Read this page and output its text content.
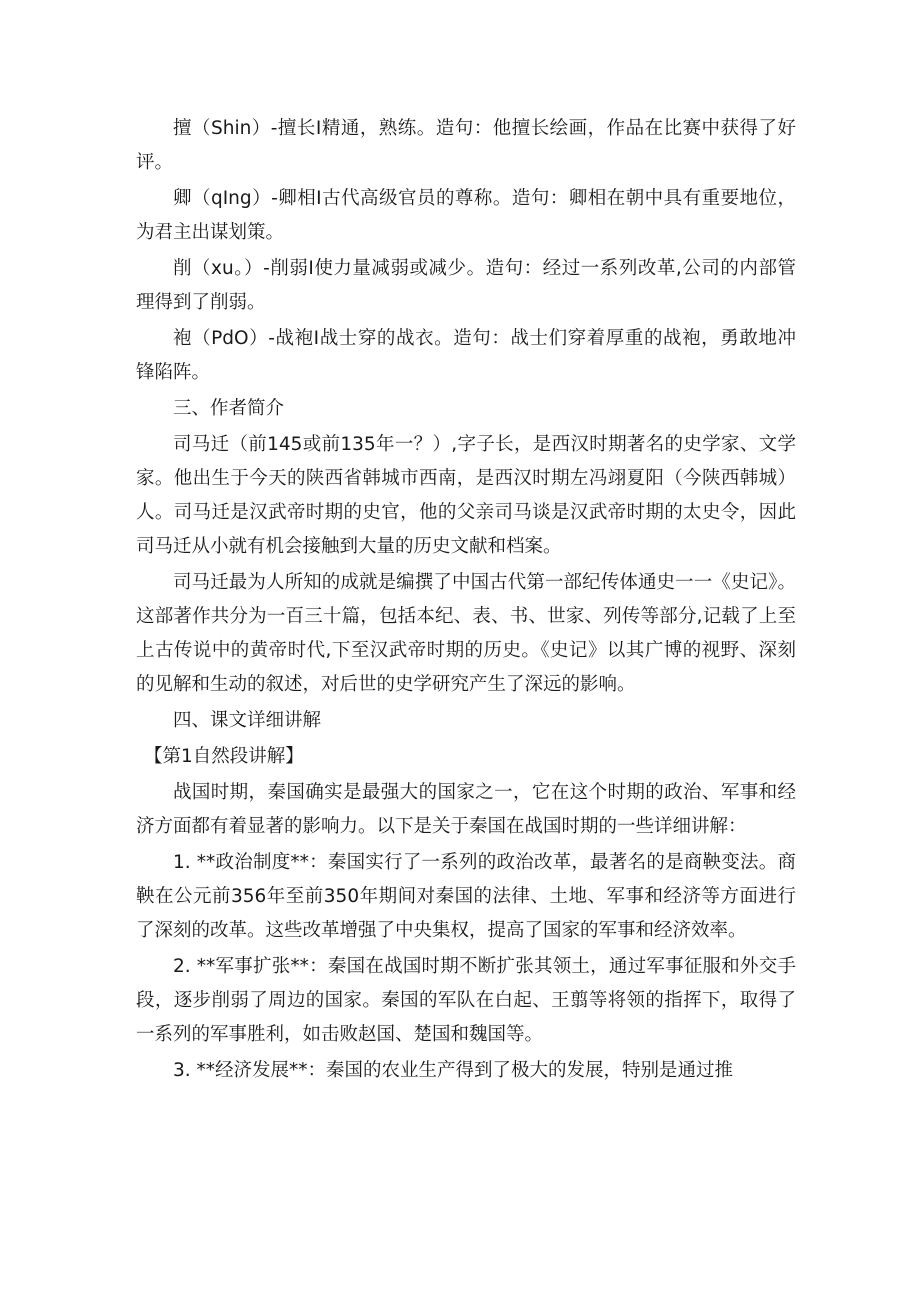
擅（Shin）-擅长Ⅰ精通，熟练。造句：他擅长绘画，作品在比赛中获得了好评。

卿（qIng）-卿相Ⅰ古代高级官员的尊称。造句：卿相在朝中具有重要地位，为君主出谋划策。

削（xu。）-削弱Ⅰ使力量减弱或减少。造句：经过一系列改革,公司的内部管理得到了削弱。

袍（PdO）-战袍Ⅰ战士穿的战衣。造句：战士们穿着厚重的战袍，勇敢地冲锋陷阵。

三、作者简介

司马迁（前145或前135年一？）,字子长，是西汉时期著名的史学家、文学家。他出生于今天的陕西省韩城市西南，是西汉时期左冯翊夏阳（今陕西韩城）人。司马迁是汉武帝时期的史官，他的父亲司马谈是汉武帝时期的太史令，因此司马迁从小就有机会接触到大量的历史文献和档案。

司马迁最为人所知的成就是编撰了中国古代第一部纪传体通史一一《史记》。这部著作共分为一百三十篇，包括本纪、表、书、世家、列传等部分,记载了上至上古传说中的黄帝时代,下至汉武帝时期的历史。《史记》以其广博的视野、深刻的见解和生动的叙述，对后世的史学研究产生了深远的影响。

四、课文详细讲解

【第1自然段讲解】

战国时期，秦国确实是最强大的国家之一，它在这个时期的政治、军事和经济方面都有着显著的影响力。以下是关于秦国在战国时期的一些详细讲解：

1. **政治制度**：秦国实行了一系列的政治改革，最著名的是商鞅变法。商鞅在公元前356年至前350年期间对秦国的法律、土地、军事和经济等方面进行了深刻的改革。这些改革增强了中央集权，提高了国家的军事和经济效率。

2. **军事扩张**：秦国在战国时期不断扩张其领土，通过军事征服和外交手段，逐步削弱了周边的国家。秦国的军队在白起、王翦等将领的指挥下，取得了一系列的军事胜利，如击败赵国、楚国和魏国等。

3. **经济发展**：秦国的农业生产得到了极大的发展，特别是通过推
